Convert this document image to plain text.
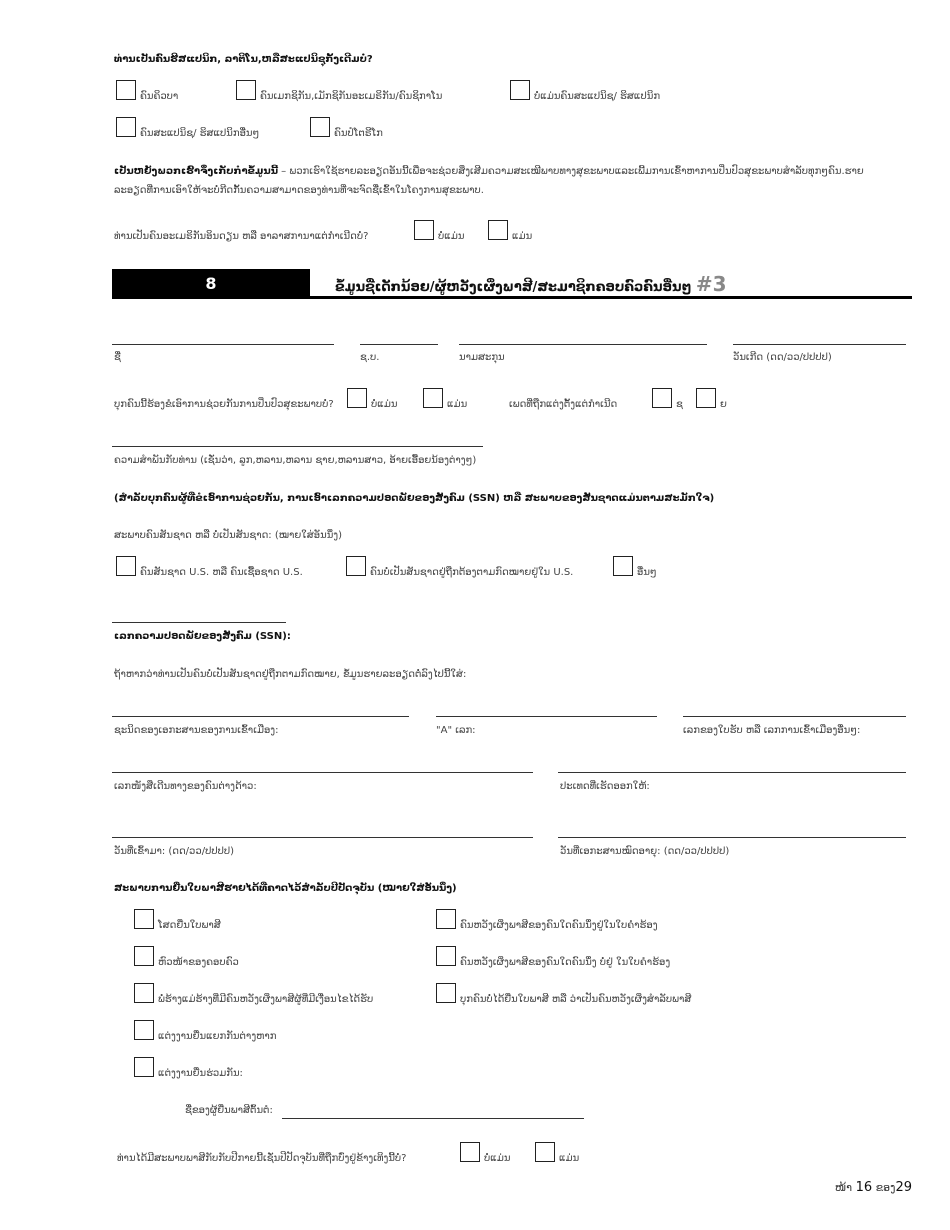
ທ່ານເປັນຄົນຮິສແປນິກ, ລາຕິໂນ,ຫລືສະແປນິຊຸກັ້ງເດີມບໍ່?
ຄົນຄິວບາ	ຄົນເມກຊິກັນ,ເມັກຊິກັນອະເມຣິກັນ/ຄົນຊິກາໂນ	ບໍ່ແມ່ນຄົນສະແປນິຊ/ ຮິສແປນິກ
ຄົນສະແປນິຊ/ ຮິສແປນິກອື່ນໆ	ຄົນປໍໂຕຣີໂກ
ເປັນຫຍັງພວກເຮົາຈຶ່ງເກັບກຳຂໍ້ມູນນີ້ – ພວກເຮົາໃຊ້ຮາຍລະອຽດອັນນີ້ເພື່ອຈະຊ່ວຍສິ່ງເສີມຄວາມສະເໝີພາບທາງສຸຂະພາບແລະເພີ້ມການເຂົ້າຫາການປິ່ນປົວສຸຂະພາບສຳລັບທຸກໆຄົນ.ຮາຍ
ລະອຽດທີ່ການເອົາໃຫ້ຈະບໍ່ກີດກັ້ນຄວາມສາມາດຂອງທ່ານທີ່ຈະຈົດຊື່ເຂົ້າໃນໂຄງການສຸຂະພາບ.
ທ່ານເປັນຄົນອະເມຣິກັນອິນດຽນ ຫລື ອາລາສການາແຕ່ກຳເນີດບໍ່?	ບໍ່ແມ່ນ	ແມ່ນ
8	ຂໍ້ມູນຊື່ເດັກນ້ອຍ/ຜູ້ຫວັງເຜິ່ງພາສີ/ສະມາຊິກຄອບຄົວຄົນອື່ນໆ #3
ຊື່	ຊ.ບ.	ນາມສະກຸນ	ວັນເກີດ (ດດ/ວວ/ປປປປ)
ບຸກຄົນນີ້ຮ້ອງຂໍເອົາການຊ່ວຍກັນການປິ່ນປົວສຸຂະພາບບໍ່?	ບໍ່ແມ່ນ	ແມ່ນ	ເພດທີ່ຖືກແຕ່ງຕັ້ງແຕ່ກຳເນີດ	ຊ	ຍ
ຄວາມສໍາພັນກັບທ່ານ (ເຊັ່ນວ່າ, ລູກ,ຫລານ,ຫລານ ຊາຍ,ຫລານສາວ, ອ້າຍເອື້ອຍນ້ອງຕ່າງໆ)
(ສໍາລັບບຸກຄົນຜູ້ທີ່ຂໍເອົາການຊ່ວຍກັນ, ການເອົາເລກຄວາມປອດພັຍຂອງສັງຄົມ (SSN) ຫລື ສະພາບຂອງສັນຊາດແມ່ນຕາມສະມັກໃຈ)
ສະພາບຄົນສັນຊາດ ຫລື ບໍ່ເປັນສັນຊາດ: (ໝາຍໃສ່ອັນນຶ່ງ)
ຄົນສັນຊາດ U.S. ຫລື ຄົນເຊື້ອຊາດ U.S.	ຄົນບໍ່ເປັນສັນຊາດຢູ່ຖືກຕ້ອງຕາມກົດໝາຍຢູ່ໃນ U.S.	ອື່ນໆ
ເລກຄວາມປອດພັຍຂອງສັງຄົມ (SSN):
ຖ້າຫາກວ່າທ່ານເປັນຄົນບໍ່ເປັນສັນຊາດຢູ່ຖືກຕາມກົດໝາຍ, ຂໍ້ມູນຮາຍລະອຽດຕໍ່ລົງໄປນີ້ໃສ່:
ຊະນິດຂອງເອກະສານຂອງການເຂົ້າເມືອງ:	"A" ເລກ:	ເລກຂອງໃບຮັບ ຫລື ເລກການເຂົ້າເມືອງອື່ນໆ:
ເລກໜັງສືເດີນທາງຂອງຄົນຕ່າງດ້າວ:	ປະເທດທີ່ເຮັດອອກໃຫ້:
ວັນທີ່ເຂົ້າມາ: (ດດ/ວວ/ປປປປ)	ວັນທີ່ເອກະສານໝົດອາຍຸ: (ດດ/ວວ/ປປປປ)
ສະພາບການຍື່ນໃບພາສີຮາຍໄດ້ທີ່ຄາດໄວ້ສຳລັບປີປັດຈຸບັນ (ໝາຍໃສ່ອັນນຶ່ງ)
ໂສດຍື່ນໃບພາສີ
ຫົວໜ້າຂອງຄອບຄົວ
ພໍ່ຮ້າງແມ່ຮ້າງທີ່ມີຄົນຫວັງເຜິ່ງພາສີຜູ້ທີ່ມີເງື່ອນໄຂໄດ້ຮັບ
ແຕ່ງງານຍື່ນແຍກກັນຕ່າງຫາກ
ແຕ່ງງານຍື່ນຮ່ວມກັນ:
ຄົນຫວັງເຜິ່ງພາສີຂອງຄົນໃດຄົນນຶ່ງຢູ່ໃນໃບຄຳຮ້ອງ
ຄົນຫວັງເຜິ່ງພາສີຂອງຄົນໃດຄົນນຶ່ງ ບໍ່ຢູ່ ໃນໃບຄຳຮ້ອງ
ບຸກຄົນບໍ່ໄດ້ຍື່ນໃບພາສີ ຫລື ວ່າເປັນຄົນຫວັງເຜິ່ງສຳລັບພາສີ
ຊື່ຂອງຜູ້ຍື່ນພາສີຕົ້ນຕໍ:
ທ່ານໄດ້ມີສະພາບພາສີກັບກັບປີກາຍນີ້ເຊັ່ນປີປັດຈຸບັນທີ່ຖືກບົ່ງຢູ່ຂ້າງເທິງນີ້ບໍ່?	ບໍ່ແມ່ນ	ແມ່ນ
ໜ້າ 16 ຂອງ29
